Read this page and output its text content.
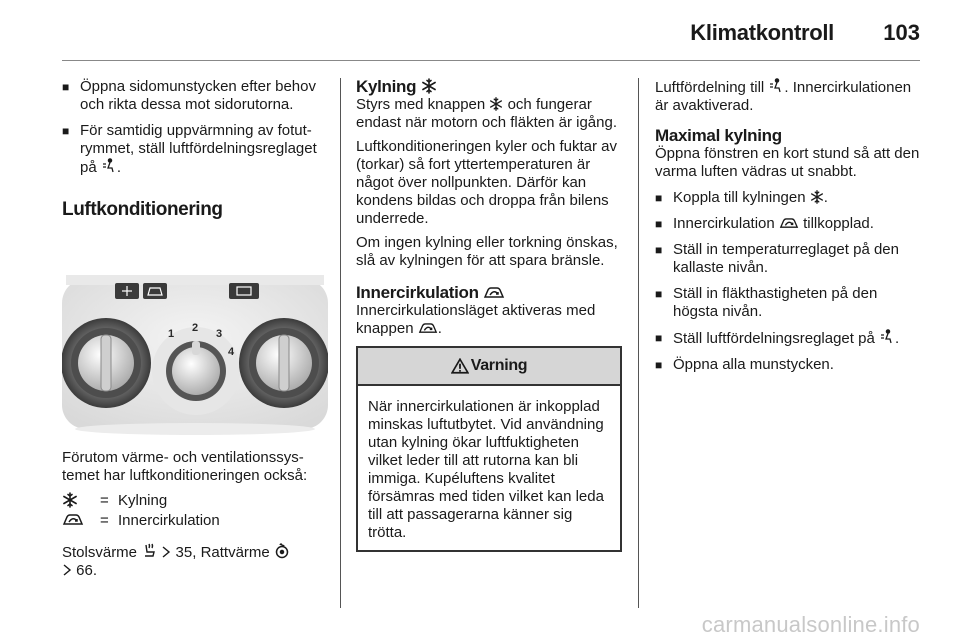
Klimatkontroll 103
■ Öppna sidomunstycken efter behov och rikta dessa mot sidorutorna.
■ För samtidig uppvärmning av fotutrymmet, ställ luftfördelningsreglaget på .
Luftkonditionering
1 2 3
4

Förutom värme- och ventilationssystemet har luftkonditioneringen också:

= Kylning
= Innercirkulation

Stolsvärme	35, Rattvärme
66.

Kylning

Styrs med knappen och fungerar endast när motorn och fläkten är igång.

Luftkonditioneringen kyler och fuktar av (torkar) så fort yttertemperaturen är något över nollpunkten. Därför kan kondens bildas och droppa från bilens underrede.

Om ingen kylning eller torkning önskas, slå av kylningen för att spara bränsle.

Innercirkulation

Innercirkulationsläget aktiveras med knappen .

Varning
När innercirkulationen är inkopplad minskas luftutbytet. Vid användning utan kylning ökar luftfuktigheten vilket leder till att rutorna kan bli immiga. Kupéluftens kvalitet försämras med tiden vilket kan leda till att passagerarna känner sig trötta.

Luftfördelning till . Innercirkulationen är avaktiverad.

Maximal kylning

Öppna fönstren en kort stund så att den varma luften vädras ut snabbt.

■ Koppla till kylningen .
■ Innercirkulation tillkopplad.
■ Ställ in temperaturreglaget på den kallaste nivån.
■ Ställ in fläkthastigheten på den högsta nivån.
■ Ställ luftfördelningsreglaget på .
■ Öppna alla munstycken.
carmanualsonline.info
